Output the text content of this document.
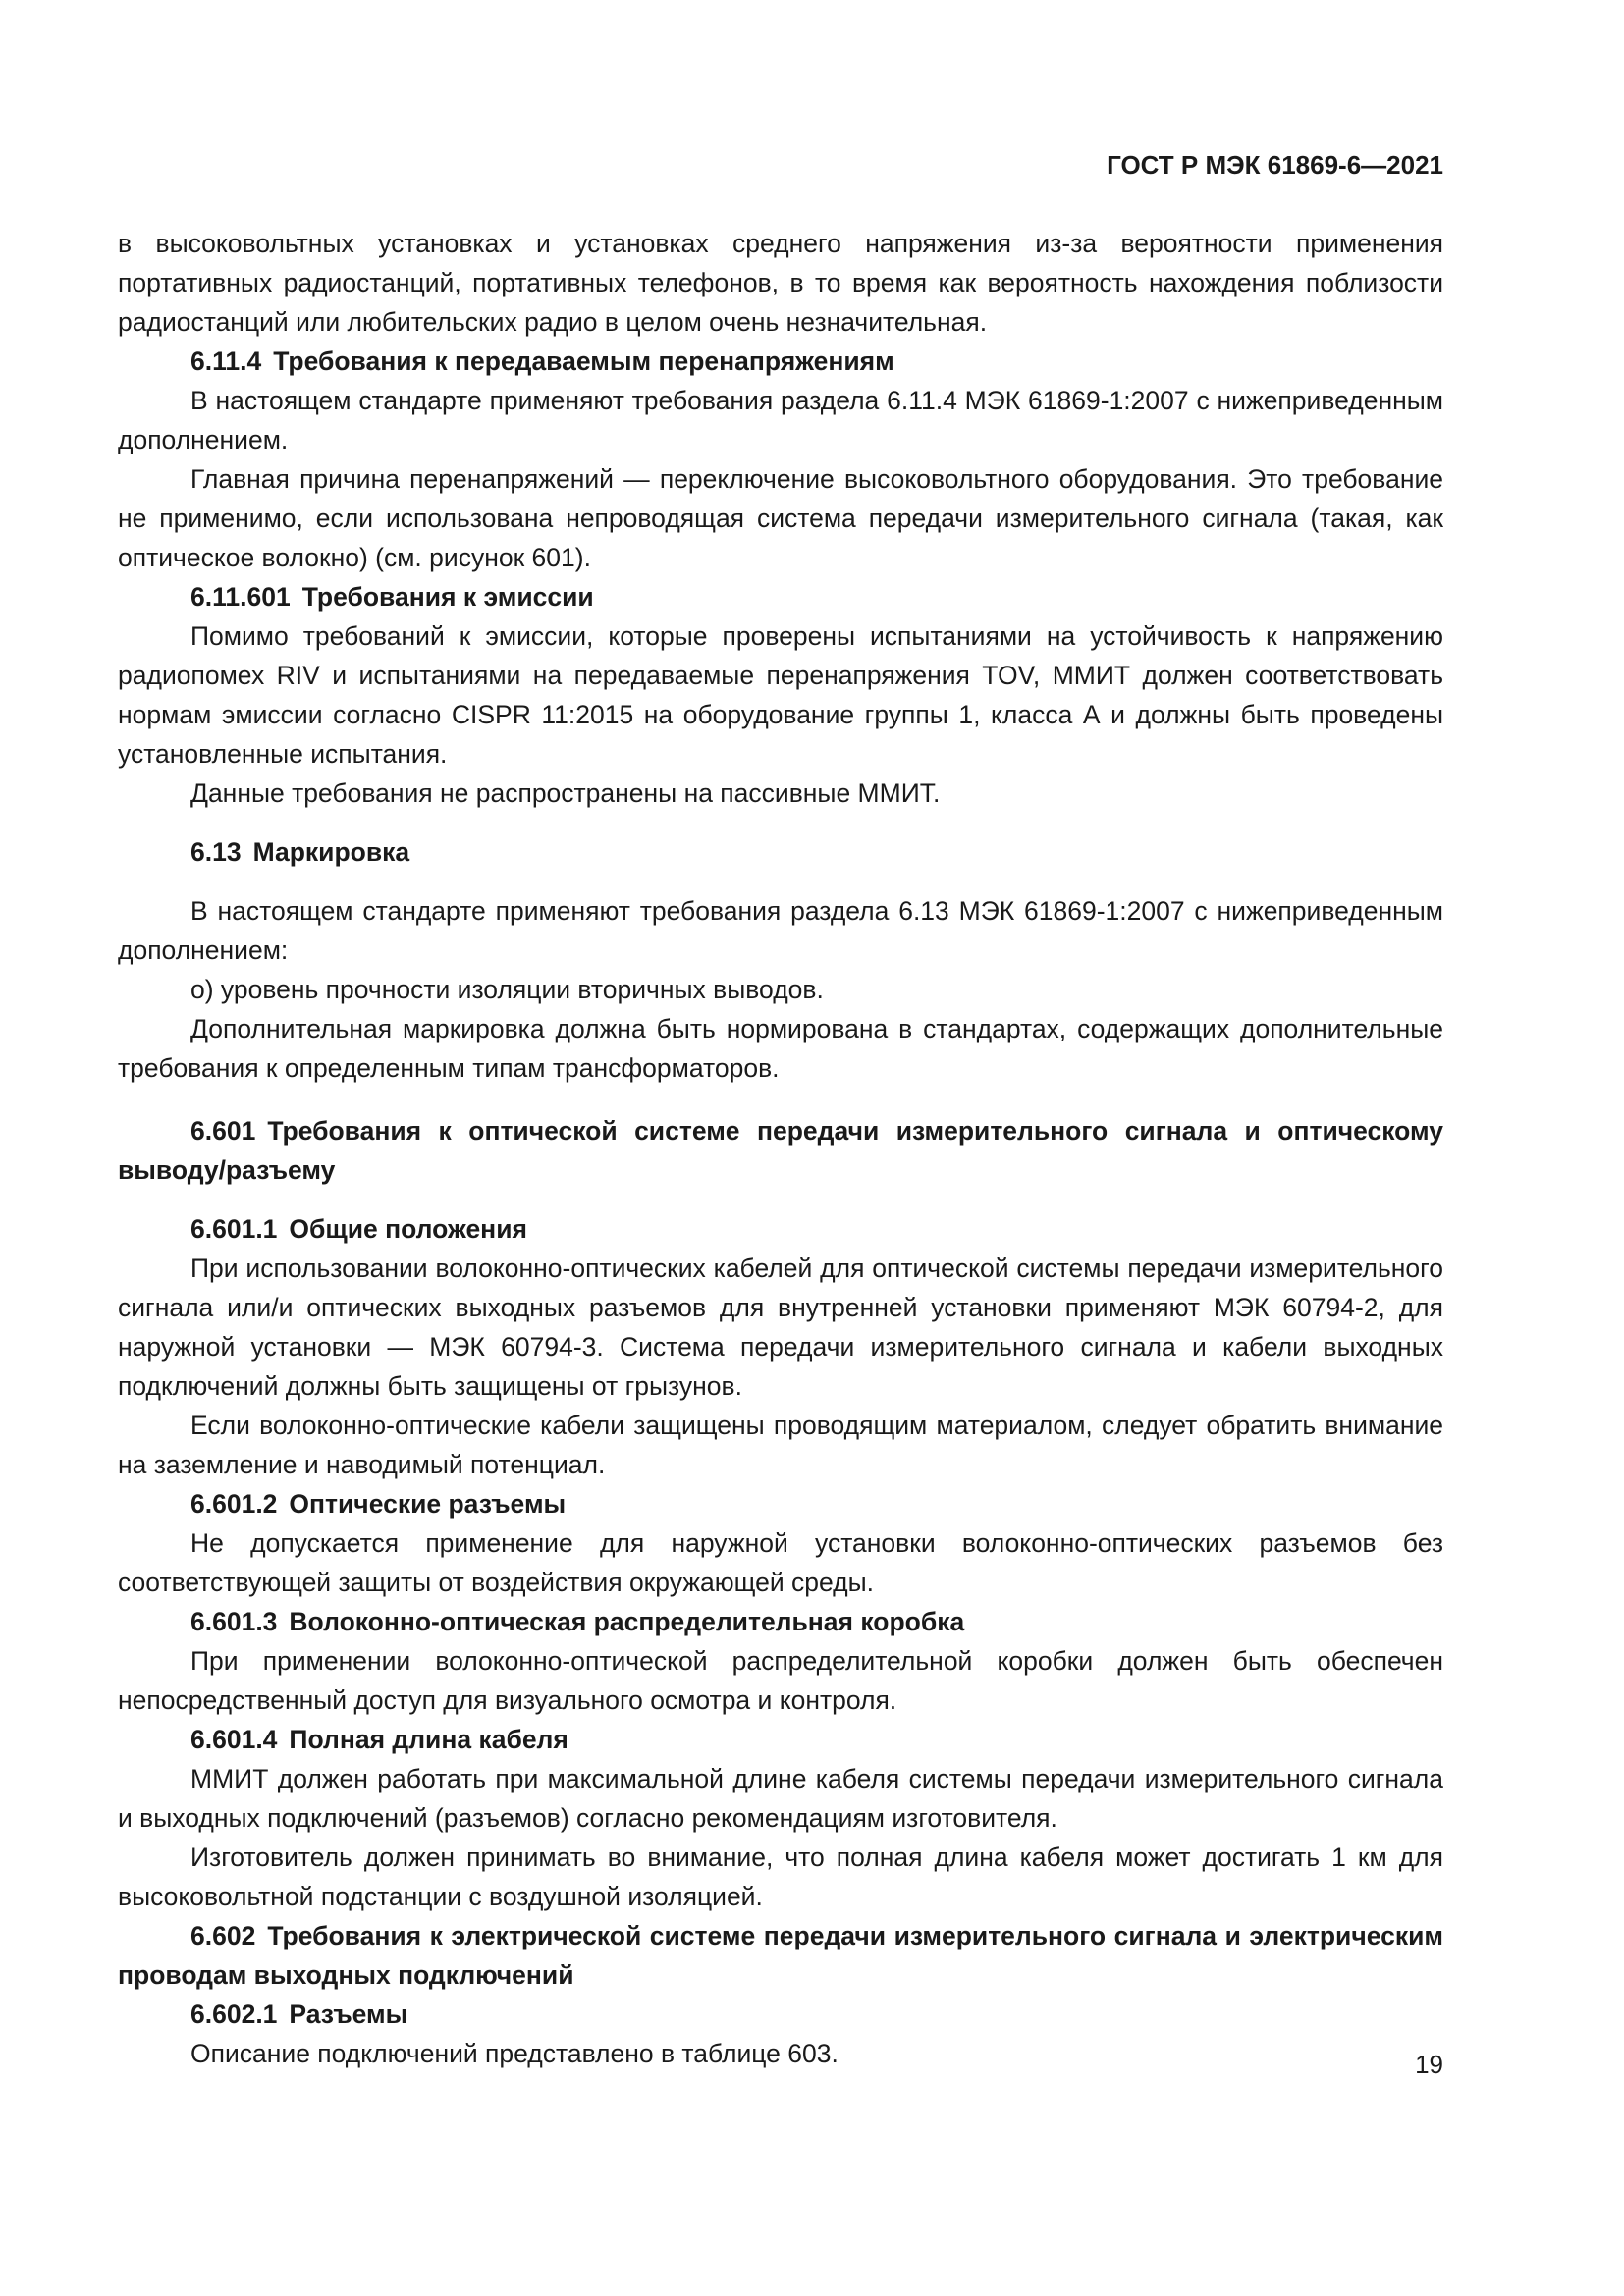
ГОСТ Р МЭК 61869-6—2021

в высоковольтных установках и установках среднего напряжения из-за вероятности применения портативных радиостанций, портативных телефонов, в то время как вероятность нахождения поблизости радиостанций или любительских радио в целом очень незначительная.

6.11.4 Требования к передаваемым перенапряжениям

В настоящем стандарте применяют требования раздела 6.11.4 МЭК 61869-1:2007 с нижеприведенным дополнением.

Главная причина перенапряжений — переключение высоковольтного оборудования. Это требование не применимо, если использована непроводящая система передачи измерительного сигнала (такая, как оптическое волокно) (см. рисунок 601).

6.11.601 Требования к эмиссии

Помимо требований к эмиссии, которые проверены испытаниями на устойчивость к напряжению радиопомех RIV и испытаниями на передаваемые перенапряжения TOV, ММИТ должен соответствовать нормам эмиссии согласно CISPR 11:2015 на оборудование группы 1, класса А и должны быть проведены установленные испытания.

Данные требования не распространены на пассивные ММИТ.

6.13 Маркировка

В настоящем стандарте применяют требования раздела 6.13 МЭК 61869-1:2007 с нижеприведенным дополнением:

о) уровень прочности изоляции вторичных выводов.

Дополнительная маркировка должна быть нормирована в стандартах, содержащих дополнительные требования к определенным типам трансформаторов.

6.601 Требования к оптической системе передачи измерительного сигнала и оптическому выводу/разъему
6.601.1 Общие положения

При использовании волоконно-оптических кабелей для оптической системы передачи измерительного сигнала или/и оптических выходных разъемов для внутренней установки применяют МЭК 60794-2, для наружной установки — МЭК 60794-3. Система передачи измерительного сигнала и кабели выходных подключений должны быть защищены от грызунов.

Если волоконно-оптические кабели защищены проводящим материалом, следует обратить внимание на заземление и наводимый потенциал.

6.601.2 Оптические разъемы

Не допускается применение для наружной установки волоконно-оптических разъемов без соответствующей защиты от воздействия окружающей среды.

6.601.3 Волоконно-оптическая распределительная коробка

При применении волоконно-оптической распределительной коробки должен быть обеспечен непосредственный доступ для визуального осмотра и контроля.

6.601.4 Полная длина кабеля

ММИТ должен работать при максимальной длине кабеля системы передачи измерительного сигнала и выходных подключений (разъемов) согласно рекомендациям изготовителя.

Изготовитель должен принимать во внимание, что полная длина кабеля может достигать 1 км для высоковольтной подстанции с воздушной изоляцией.

6.602 Требования к электрической системе передачи измерительного сигнала и электрическим проводам выходных подключений
6.602.1 Разъемы

Описание подключений представлено в таблице 603.	19
